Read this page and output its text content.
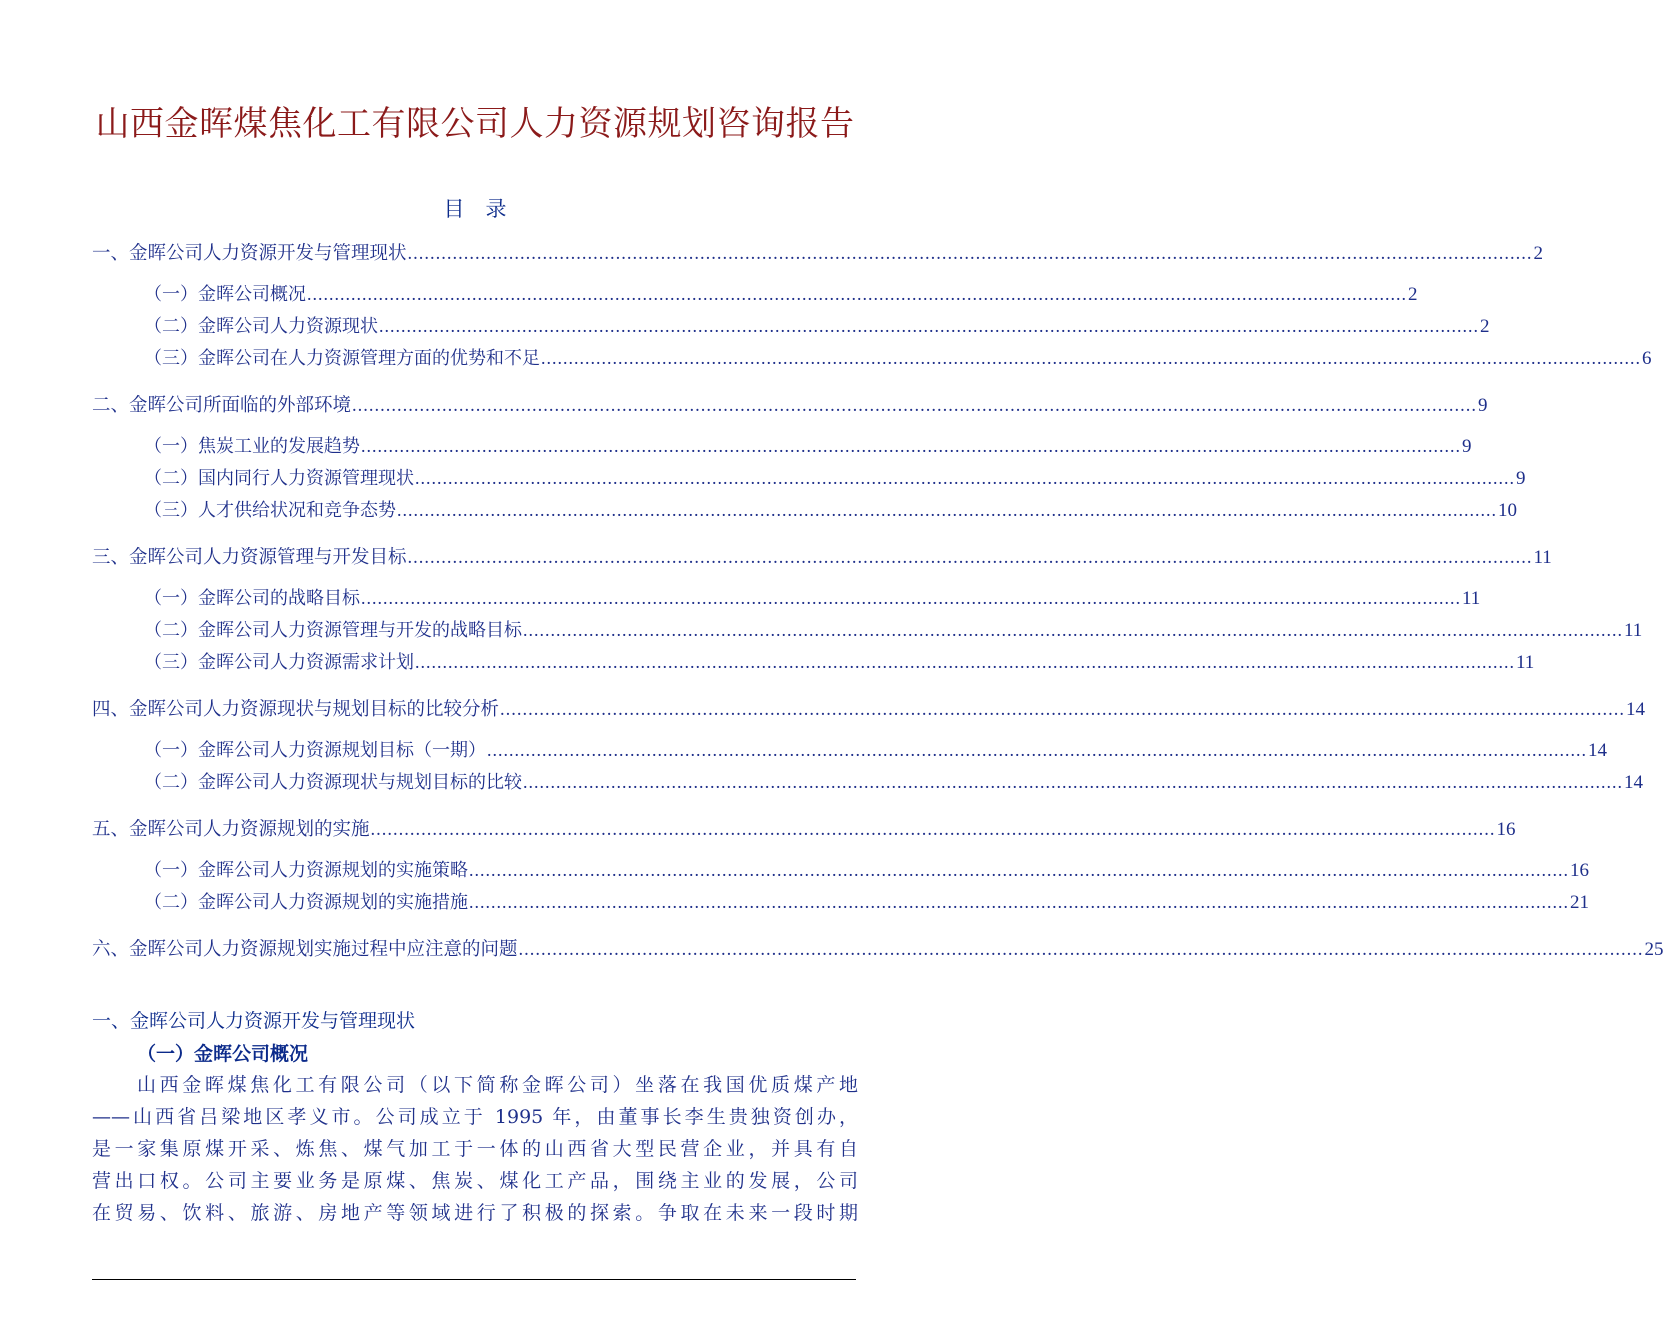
山西金晖煤焦化工有限公司人力资源规划咨询报告
目　录
一、金晖公司人力资源开发与管理现状 ........................................................................................................................................................................................................ 2
（一）金晖公司概况 ........................................................................................................................................................................................................ 2
（二）金晖公司人力资源现状 ........................................................................................................................................................................................................ 2
（三）金晖公司在人力资源管理方面的优势和不足 ........................................................................................................................................................................................................ 6
二、金晖公司所面临的外部环境 ........................................................................................................................................................................................................ 9
（一）焦炭工业的发展趋势 ........................................................................................................................................................................................................ 9
（二）国内同行人力资源管理现状 ........................................................................................................................................................................................................ 9
（三）人才供给状况和竞争态势 ........................................................................................................................................................................................................ 10
三、金晖公司人力资源管理与开发目标 ........................................................................................................................................................................................................ 11
（一）金晖公司的战略目标 ........................................................................................................................................................................................................ 11
（二）金晖公司人力资源管理与开发的战略目标 ........................................................................................................................................................................................................ 11
（三）金晖公司人力资源需求计划 ........................................................................................................................................................................................................ 11
四、金晖公司人力资源现状与规划目标的比较分析 ........................................................................................................................................................................................................ 14
（一）金晖公司人力资源规划目标（一期） ........................................................................................................................................................................................................ 14
（二）金晖公司人力资源现状与规划目标的比较 ........................................................................................................................................................................................................ 14
五、金晖公司人力资源规划的实施 ........................................................................................................................................................................................................ 16
（一）金晖公司人力资源规划的实施策略 ........................................................................................................................................................................................................ 16
（二）金晖公司人力资源规划的实施措施 ........................................................................................................................................................................................................ 21
六、金晖公司人力资源规划实施过程中应注意的问题 ........................................................................................................................................................................................................ 25
一、金晖公司人力资源开发与管理现状
（一）金晖公司概况
山西金晖煤焦化工有限公司（以下简称金晖公司）坐落在我国优质煤产地
——山西省吕梁地区孝义市。公司成立于 1995 年，由董事长李生贵独资创办，
是一家集原煤开采、炼焦、煤气加工于一体的山西省大型民营企业，并具有自
营出口权。公司主要业务是原煤、焦炭、煤化工产品，围绕主业的发展，公司
在贸易、饮料、旅游、房地产等领域进行了积极的探索。争取在未来一段时期
